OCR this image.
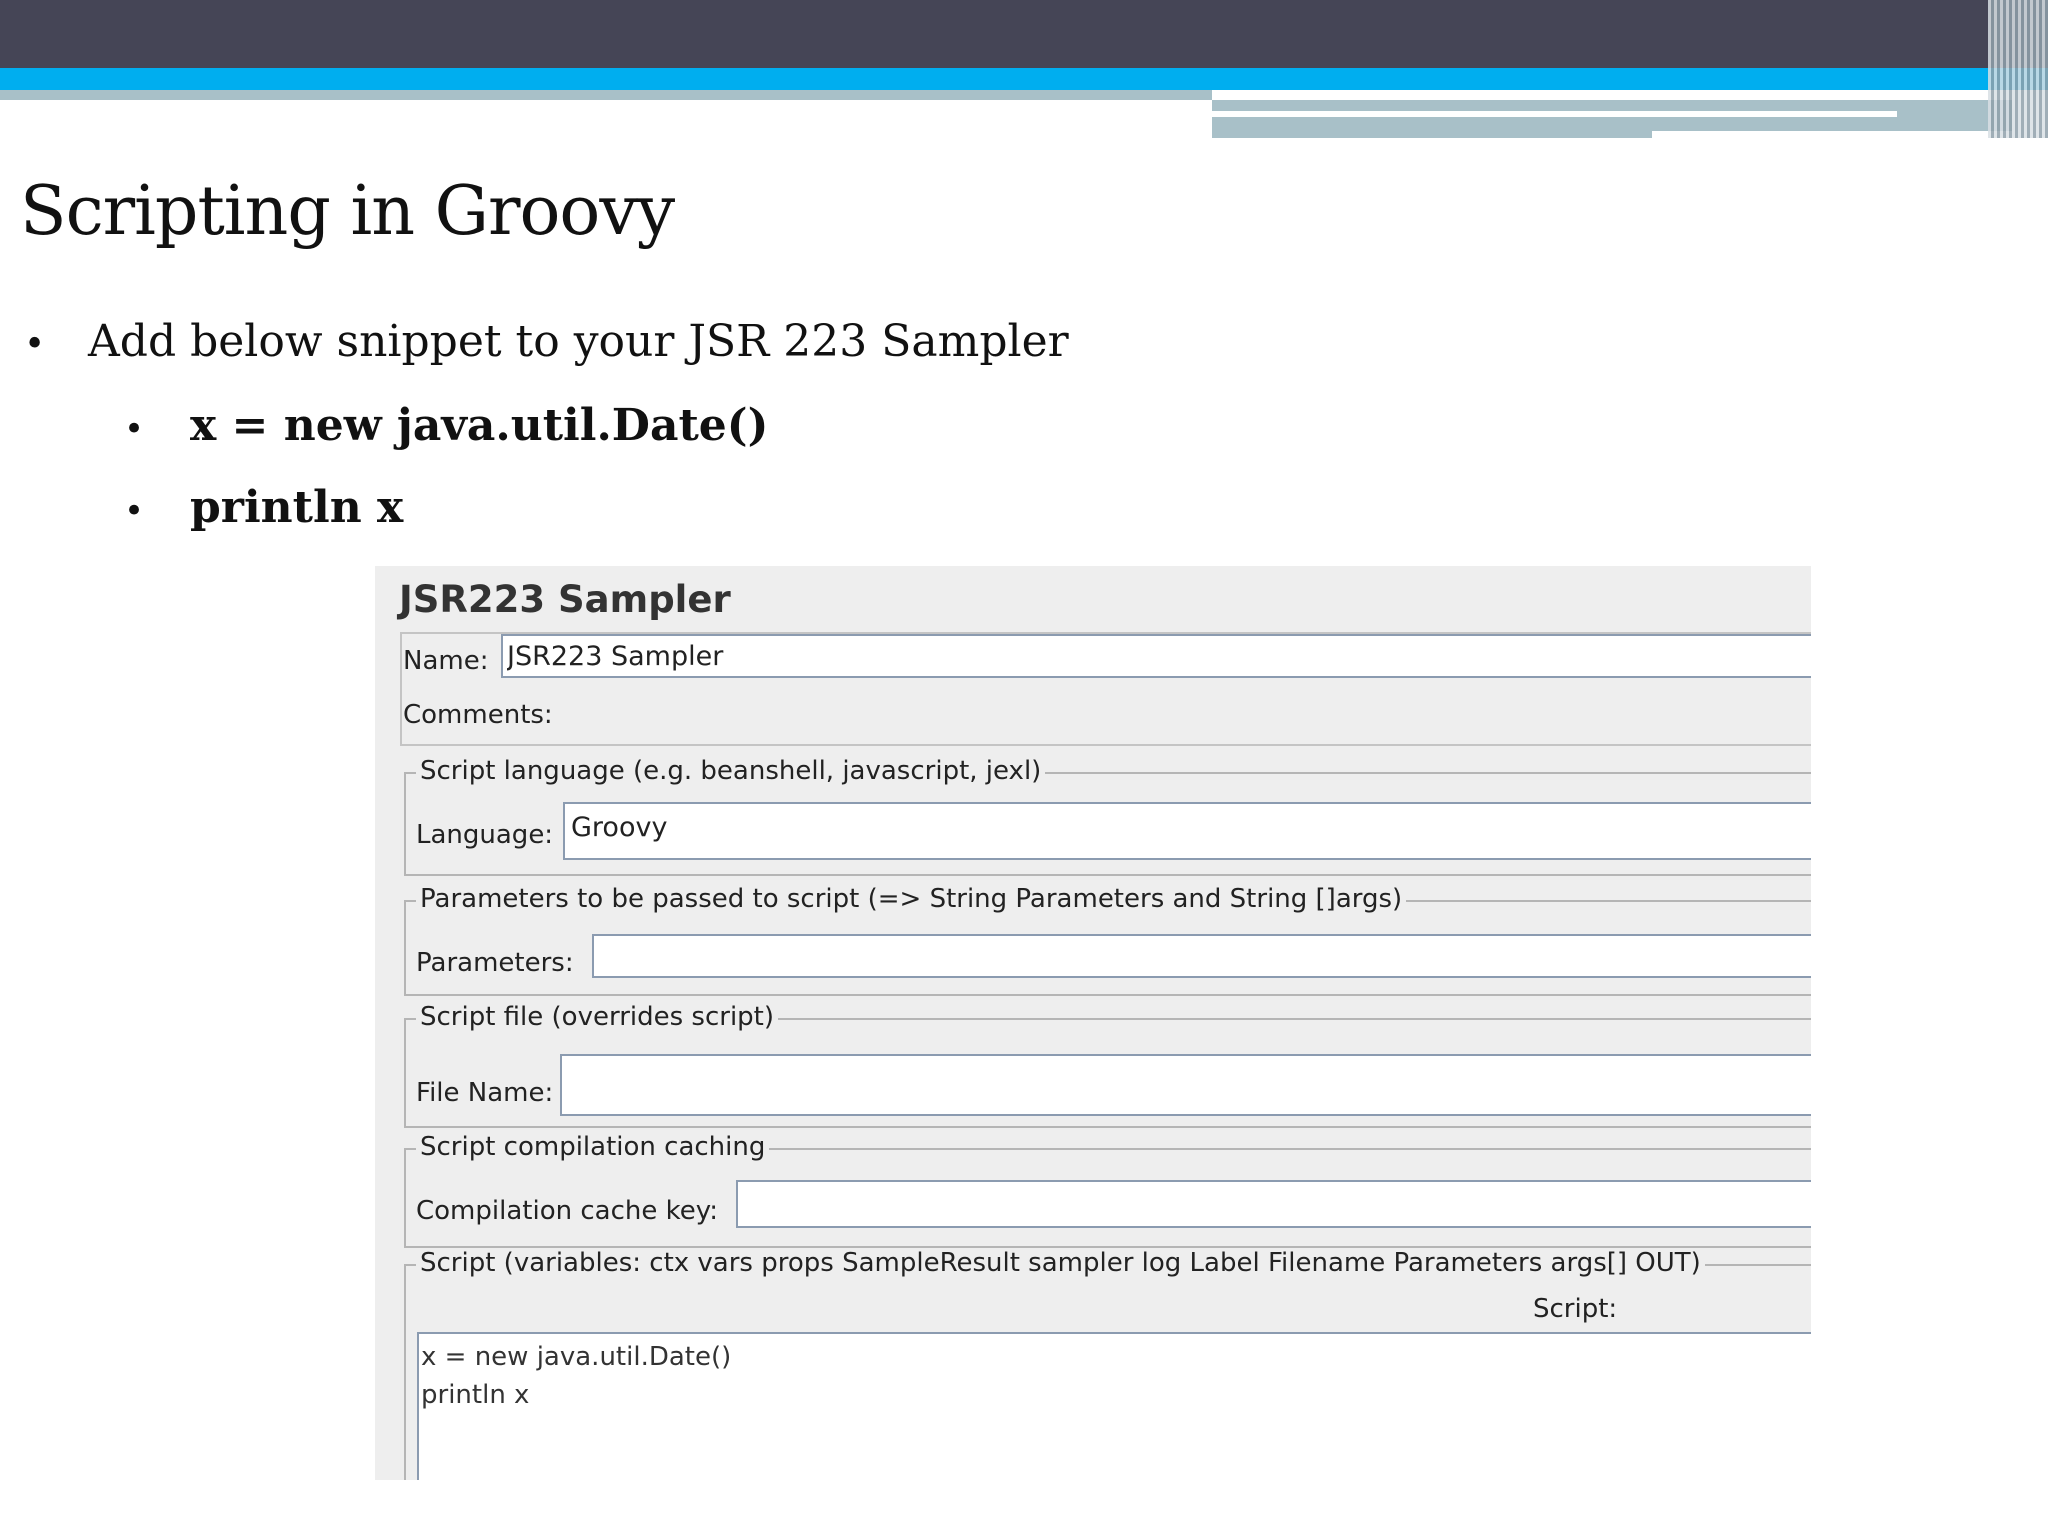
Scripting in Groovy
• Add below snippet to your JSR 223 Sampler
•	x = new java.util.Date()
•	println x
JSR223 Sampler
Name:
JSR223 Sampler
Comments:
Script language (e.g. beanshell, javascript, jexl)
Language: Groovy
Parameters to be passed to script (=> String Parameters and String []args)
Parameters:
Script file (overrides script)
File Name:
Script compilation caching
Compilation cache key:
Script (variables: ctx vars props SampleResult sampler log Label Filename Parameters args[] OUT)
Script:
x = new java.util.Date()
println x
